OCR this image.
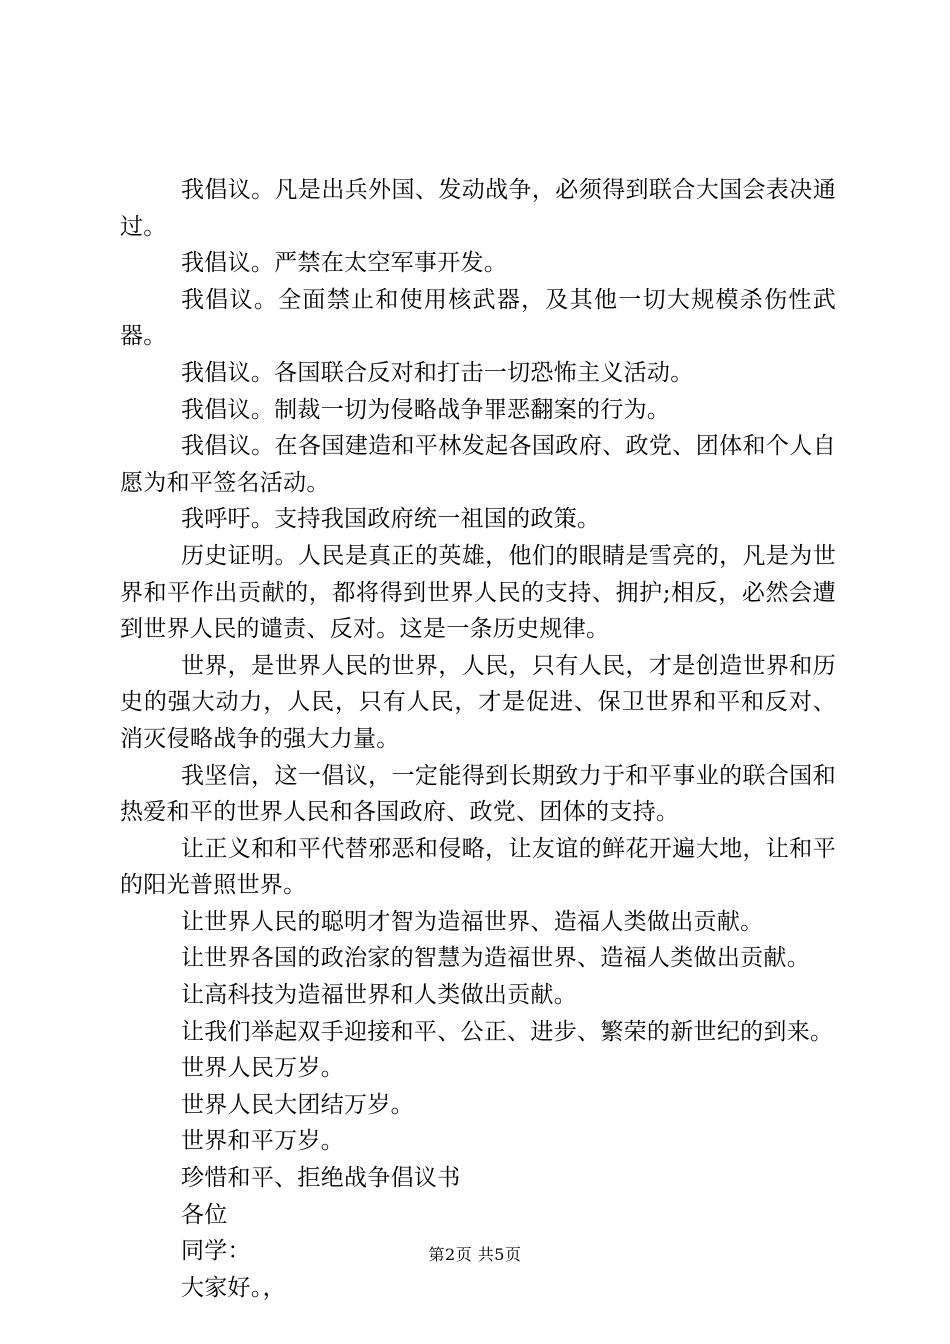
我倡议。凡是出兵外国、发动战争，必须得到联合大国会表决通过。

我倡议。严禁在太空军事开发。

我倡议。全面禁止和使用核武器，及其他一切大规模杀伤性武器。

我倡议。各国联合反对和打击一切恐怖主义活动。

我倡议。制裁一切为侵略战争罪恶翻案的行为。

我倡议。在各国建造和平林发起各国政府、政党、团体和个人自愿为和平签名活动。

我呼吁。支持我国政府统一祖国的政策。

历史证明。人民是真正的英雄，他们的眼睛是雪亮的，凡是为世界和平作出贡献的，都将得到世界人民的支持、拥护;相反，必然会遭到世界人民的谴责、反对。这是一条历史规律。

世界，是世界人民的世界，人民，只有人民，才是创造世界和历史的强大动力，人民，只有人民，才是促进、保卫世界和平和反对、消灭侵略战争的强大力量。

我坚信，这一倡议，一定能得到长期致力于和平事业的联合国和热爱和平的世界人民和各国政府、政党、团体的支持。

让正义和和平代替邪恶和侵略，让友谊的鲜花开遍大地，让和平的阳光普照世界。

让世界人民的聪明才智为造福世界、造福人类做出贡献。

让世界各国的政治家的智慧为造福世界、造福人类做出贡献。

让高科技为造福世界和人类做出贡献。

让我们举起双手迎接和平、公正、进步、繁荣的新世纪的到来。

世界人民万岁。

世界人民大团结万岁。

世界和平万岁。

珍惜和平、拒绝战争倡议书

各位

同学：

大家好。，

第2页 共5页
